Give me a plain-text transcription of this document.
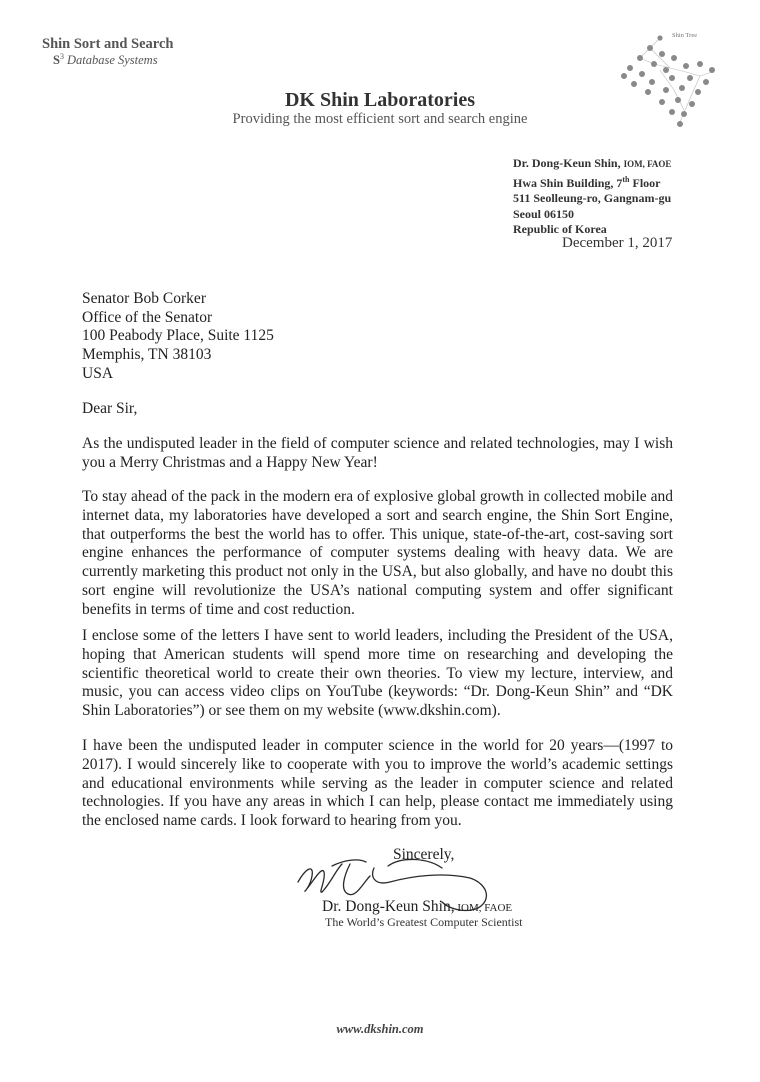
Shin Sort and Search
$S^3$ Database Systems
Shin Tree
DK Shin Laboratories
Providing the most efficient sort and search engine
Dr. Dong-Keun Shin, IOM, FAOE
Hwa Shin Building, 7th Floor
511 Seolleung-ro, Gangnam-gu
Seoul 06150
Republic of Korea
December 1, 2017
Senator Bob Corker
Office of the Senator
100 Peabody Place, Suite 1125
Memphis, TN 38103
USA
Dear Sir,
As the undisputed leader in the field of computer science and related technologies, may I wish you a Merry Christmas and a Happy New Year!
To stay ahead of the pack in the modern era of explosive global growth in collected mobile and internet data, my laboratories have developed a sort and search engine, the Shin Sort Engine, that outperforms the best the world has to offer. This unique, state-of-the-art, cost-saving sort engine enhances the performance of computer systems dealing with heavy data. We are currently marketing this product not only in the USA, but also globally, and have no doubt this sort engine will revolutionize the USA’s national computing system and offer significant benefits in terms of time and cost reduction.
I enclose some of the letters I have sent to world leaders, including the President of the USA, hoping that American students will spend more time on researching and developing the scientific theoretical world to create their own theories. To view my lecture, interview, and music, you can access video clips on YouTube (keywords: “Dr. Dong-Keun Shin” and “DK Shin Laboratories”) or see them on my website (www.dkshin.com).
I have been the undisputed leader in computer science in the world for 20 years—(1997 to 2017). I would sincerely like to cooperate with you to improve the world’s academic settings and educational environments while serving as the leader in computer science and related technologies. If you have any areas in which I can help, please contact me immediately using the enclosed name cards. I look forward to hearing from you.
Sincerely,
Dr. Dong-Keun Shin, IOM, FAOE
The World’s Greatest Computer Scientist
www.dkshin.com
